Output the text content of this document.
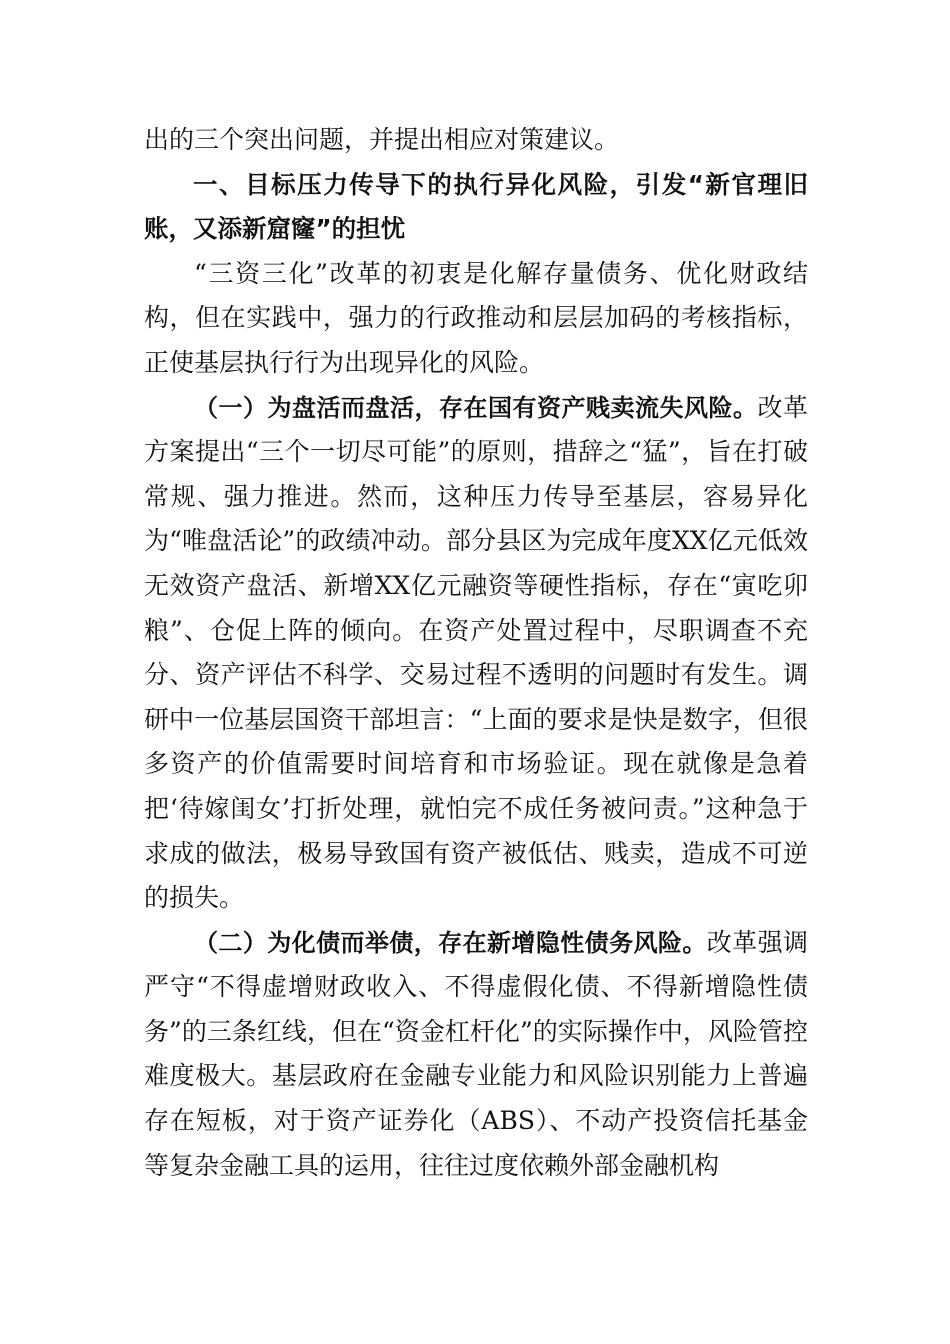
出的三个突出问题，并提出相应对策建议。

一、目标压力传导下的执行异化风险，引发“新官理旧账，又添新窟窿”的担忧

“三资三化”改革的初衷是化解存量债务、优化财政结构，但在实践中，强力的行政推动和层层加码的考核指标，正使基层执行行为出现异化的风险。

（一）为盘活而盘活，存在国有资产贱卖流失风险。改革方案提出“三个一切尽可能”的原则，措辞之“猛”，旨在打破常规、强力推进。然而，这种压力传导至基层，容易异化为“唯盘活论”的政绩冲动。部分县区为完成年度XX亿元低效无效资产盘活、新增XX亿元融资等硬性指标，存在“寅吃卯粮”、仓促上阵的倾向。在资产处置过程中，尽职调查不充分、资产评估不科学、交易过程不透明的问题时有发生。调研中一位基层国资干部坦言：“上面的要求是快是数字，但很多资产的价值需要时间培育和市场验证。现在就像是急着把‘待嫁闺女’打折处理，就怕完不成任务被问责。”这种急于求成的做法，极易导致国有资产被低估、贱卖，造成不可逆的损失。

（二）为化债而举债，存在新增隐性债务风险。改革强调严守“不得虚增财政收入、不得虚假化债、不得新增隐性债务”的三条红线，但在“资金杠杆化”的实际操作中，风险管控难度极大。基层政府在金融专业能力和风险识别能力上普遍存在短板，对于资产证券化（ABS）、不动产投资信托基金等复杂金融工具的运用，往往过度依赖外部金融机构
